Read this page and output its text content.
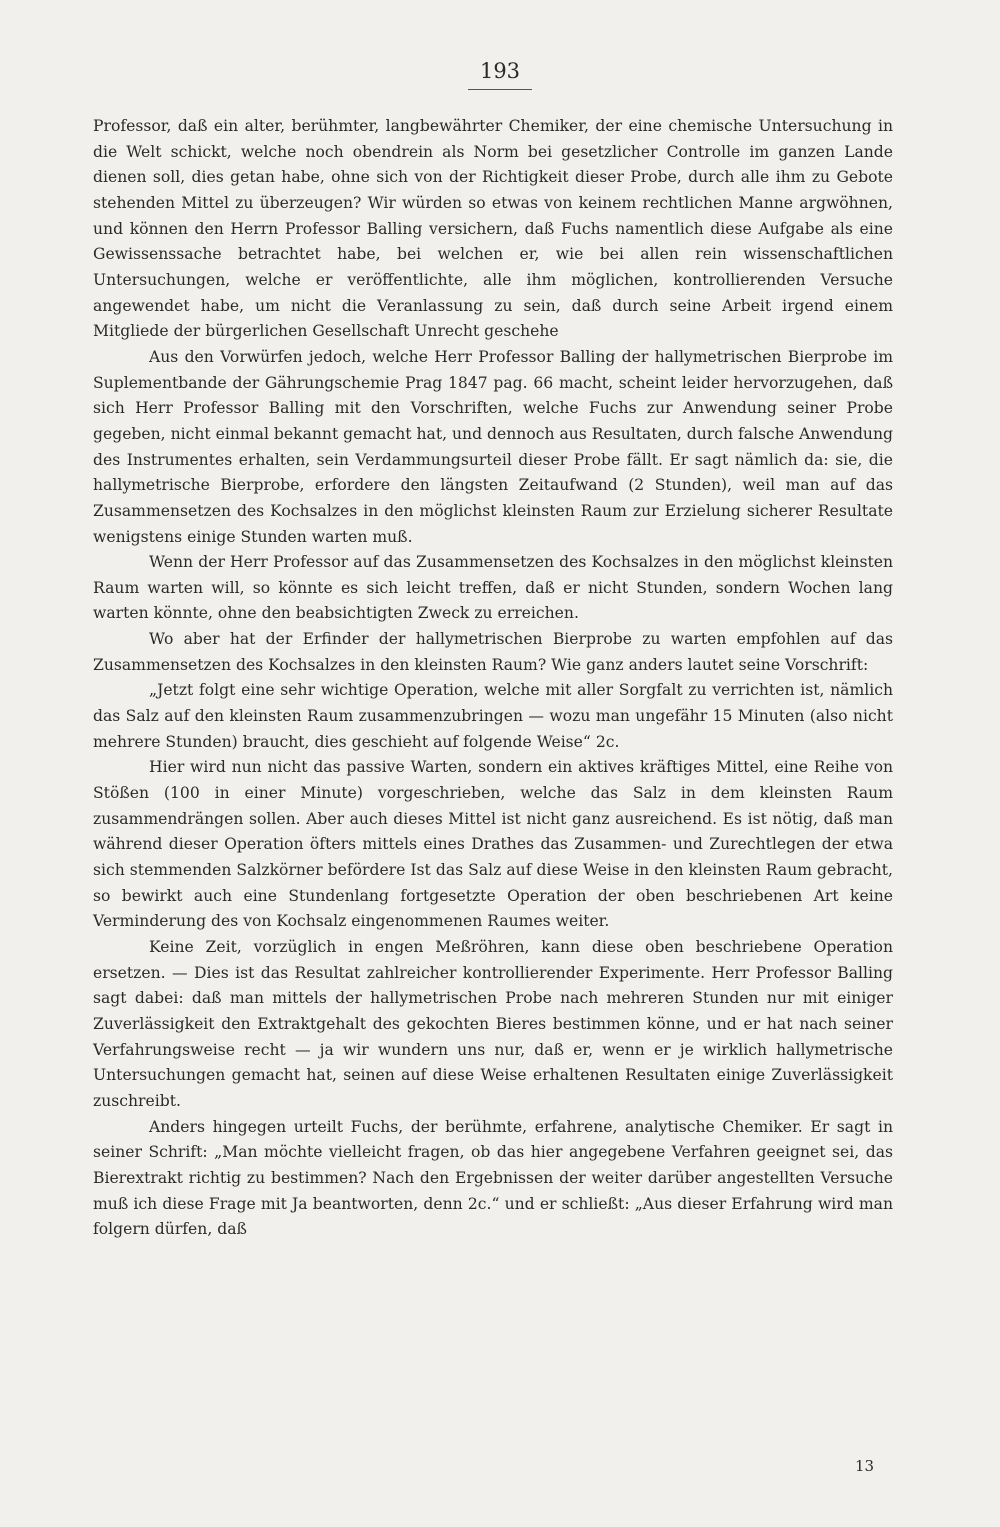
193

Professor, daß ein alter, berühmter, langbewährter Chemiker, der eine chemische Untersuchung in die Welt schickt, welche noch obendrein als Norm bei gesetzlicher Controlle im ganzen Lande dienen soll, dies getan habe, ohne sich von der Richtigkeit dieser Probe, durch alle ihm zu Gebote stehenden Mittel zu überzeugen? Wir würden so etwas von keinem rechtlichen Manne argwöhnen, und können den Herrn Professor Balling versichern, daß Fuchs namentlich diese Aufgabe als eine Gewissenssache betrachtet habe, bei welchen er, wie bei allen rein wissenschaftlichen Untersuchungen, welche er veröffentlichte, alle ihm möglichen, kontrollierenden Versuche angewendet habe, um nicht die Veranlassung zu sein, daß durch seine Arbeit irgend einem Mitgliede der bürgerlichen Gesellschaft Unrecht geschehe

Aus den Vorwürfen jedoch, welche Herr Professor Balling der hallymetrischen Bierprobe im Suplementbande der Gährungschemie Prag 1847 pag. 66 macht, scheint leider hervorzugehen, daß sich Herr Professor Balling mit den Vorschriften, welche Fuchs zur Anwendung seiner Probe gegeben, nicht einmal bekannt gemacht hat, und dennoch aus Resultaten, durch falsche Anwendung des Instrumentes erhalten, sein Verdammungsurteil dieser Probe fällt. Er sagt nämlich da: sie, die hallymetrische Bierprobe, erfordere den längsten Zeitaufwand (2 Stunden), weil man auf das Zusammensetzen des Kochsalzes in den möglichst kleinsten Raum zur Erzielung sicherer Resultate wenigstens einige Stunden warten muß.

Wenn der Herr Professor auf das Zusammensetzen des Kochsalzes in den möglichst kleinsten Raum warten will, so könnte es sich leicht treffen, daß er nicht Stunden, sondern Wochen lang warten könnte, ohne den beabsichtigten Zweck zu erreichen.

Wo aber hat der Erfinder der hallymetrischen Bierprobe zu warten empfohlen auf das Zusammensetzen des Kochsalzes in den kleinsten Raum? Wie ganz anders lautet seine Vorschrift:

„Jetzt folgt eine sehr wichtige Operation, welche mit aller Sorgfalt zu verrichten ist, nämlich das Salz auf den kleinsten Raum zusammenzubringen — wozu man ungefähr 15 Minuten (also nicht mehrere Stunden) braucht, dies geschieht auf folgende Weise“ 2c.

Hier wird nun nicht das passive Warten, sondern ein aktives kräftiges Mittel, eine Reihe von Stößen (100 in einer Minute) vorgeschrieben, welche das Salz in dem kleinsten Raum zusammendrängen sollen. Aber auch dieses Mittel ist nicht ganz ausreichend. Es ist nötig, daß man während dieser Operation öfters mittels eines Drathes das Zusammen- und Zurechtlegen der etwa sich stemmenden Salzkörner befördere Ist das Salz auf diese Weise in den kleinsten Raum gebracht, so bewirkt auch eine Stundenlang fortgesetzte Operation der oben beschriebenen Art keine Verminderung des von Kochsalz eingenommenen Raumes weiter.

Keine Zeit, vorzüglich in engen Meßröhren, kann diese oben beschriebene Operation ersetzen. — Dies ist das Resultat zahlreicher kontrollierender Experimente. Herr Professor Balling sagt dabei: daß man mittels der hallymetrischen Probe nach mehreren Stunden nur mit einiger Zuverlässigkeit den Extraktgehalt des gekochten Bieres bestimmen könne, und er hat nach seiner Verfahrungsweise recht — ja wir wundern uns nur, daß er, wenn er je wirklich hallymetrische Untersuchungen gemacht hat, seinen auf diese Weise erhaltenen Resultaten einige Zuverlässigkeit zuschreibt.

Anders hingegen urteilt Fuchs, der berühmte, erfahrene, analytische Chemiker. Er sagt in seiner Schrift: „Man möchte vielleicht fragen, ob das hier angegebene Verfahren geeignet sei, das Bierextrakt richtig zu bestimmen? Nach den Ergebnissen der weiter darüber angestellten Versuche muß ich diese Frage mit Ja beantworten, denn 2c.“ und er schließt: „Aus dieser Erfahrung wird man folgern dürfen, daß

13
